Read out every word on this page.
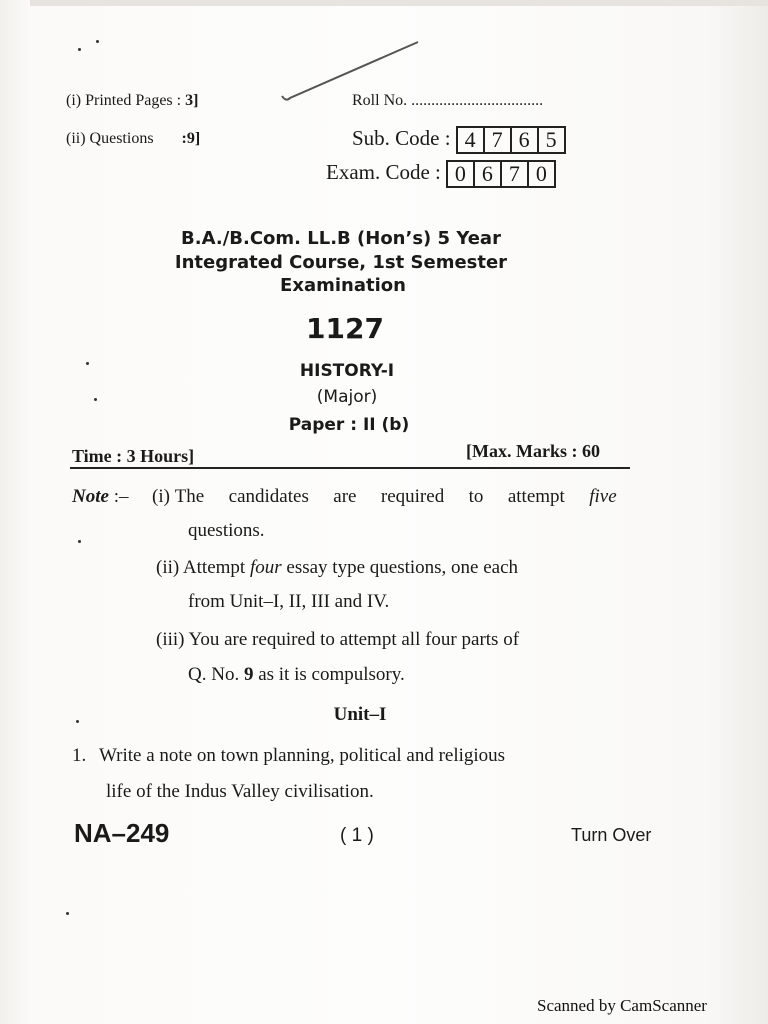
(i) Printed Pages : 3]
(ii) Questions :9]
Roll No. .................................
Sub. Code : 4 7 6 5
Exam. Code : 0 6 7 0
B.A./B.Com. LL.B (Hon’s) 5 Year
Integrated Course, 1st Semester
Examination
1127
HISTORY-I
(Major)
Paper : II (b)
Time : 3 Hours]	[Max. Marks : 60
Note :– (i) The candidates are required to attempt five
questions.
(ii) Attempt four essay type questions, one each
from Unit–I, II, III and IV.
(iii) You are required to attempt all four parts of
Q. No. 9 as it is compulsory.
Unit–I
1. Write a note on town planning, political and religious
life of the Indus Valley civilisation.
NA–249	( 1 )	Turn Over
Scanned by CamScanner
